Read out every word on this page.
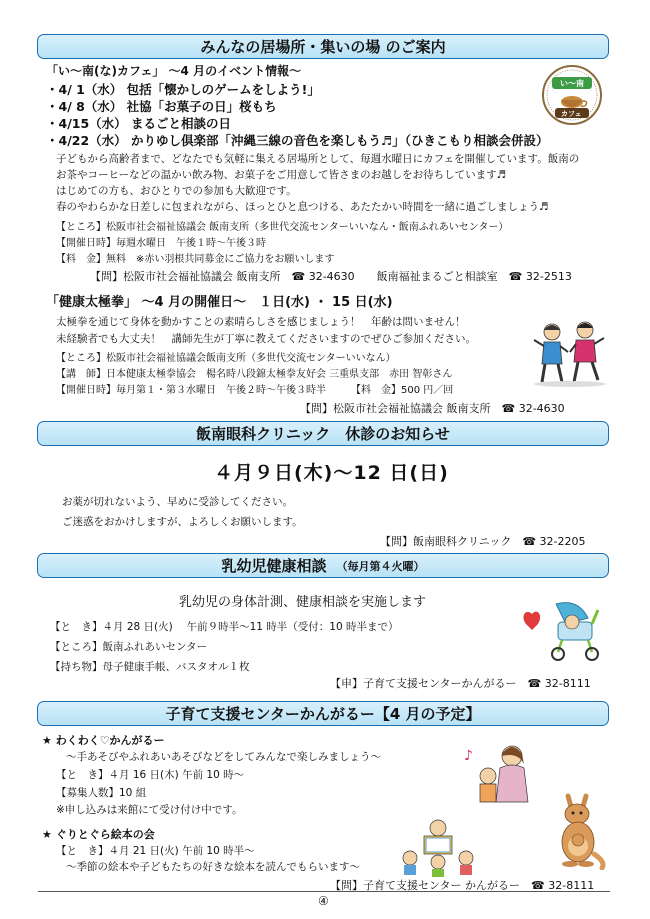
みんなの居場所・集いの場 のご案内
「い～南(な)カフェ」 ～4 月のイベント情報～
・4/ 1（水） 包括「懐かしのゲームをしよう!」
・4/ 8（水） 社協「お菓子の日」桜もち
・4/15（水） まるごと相談の日
・4/22（水） かりゆし倶楽部「沖縄三線の音色を楽しもう♬」（ひきこもり相談会併設）
い～南
カフェ
子どもから高齢者まで、どなたでも気軽に集える居場所として、毎週水曜日にカフェを開催しています。飯南の
お茶やコーヒーなどの温かい飲み物、お菓子をご用意して皆さまのお越しをお待ちしています♬
はじめての方も、おひとりでの参加も大歓迎です。
春のやわらかな日差しに包まれながら、ほっとひと息つける、あたたかい時間を一緒に過ごしましょう♬
【ところ】松阪市社会福祉協議会 飯南支所（多世代交流センターいいなん・飯南ふれあいセンター）
【開催日時】毎週水曜日　午後１時～午後３時
【料　金】無料　※赤い羽根共同募金にご協力をお願いします
【問】松阪市社会福祉協議会 飯南支所　☎ 32-4630　　飯南福祉まるごと相談室　☎ 32-2513
「健康太極拳」 ～4 月の開催日～　１日(水) ・ 15 日(水)
太極拳を通じて身体を動かすことの素晴らしさを感じましょう！　年齢は問いません！
未経験者でも大丈夫！　講師先生が丁寧に教えてくださいますのでぜひご参加ください。
【ところ】松阪市社会福祉協議会飯南支所（多世代交流センターいいなん）
【講　師】日本健康太極拳協会　楊名時八段錦太極拳友好会 三重県支部　赤田 智彰さん
【開催日時】毎月第１・第３水曜日　午後２時～午後３時半　　　【料　金】500 円／回
【問】松阪市社会福祉協議会 飯南支所　☎ 32-4630
飯南眼科クリニック　休診のお知らせ
４月９日(木)～12 日(日)
お薬が切れないよう、早めに受診してください。
ご迷惑をおかけしますが、よろしくお願いします。
【問】飯南眼科クリニック　☎ 32-2205
乳幼児健康相談 （毎月第４火曜）
乳幼児の身体計測、健康相談を実施します
【と　き】４月 28 日(火)　 午前９時半～11 時半（受付：10 時半まで）
【ところ】飯南ふれあいセンター
【持ち物】母子健康手帳、バスタオル１枚
【申】子育て支援センターかんがるー　☎ 32-8111
子育て支援センターかんがるー【4 月の予定】
★ わくわく♡かんがるー
～手あそびやふれあいあそびなどをしてみんなで楽しみましょう～
【と　き】４月 16 日(木) 午前 10 時～
【募集人数】10 組
※申し込みは来館にて受け付け中です。
★ ぐりとぐら絵本の会
【と　き】４月 21 日(火) 午前 10 時半～
～季節の絵本や子どもたちの好きな絵本を読んでもらいます～
♪
【問】子育て支援センター かんがるー　☎ 32-8111
④
